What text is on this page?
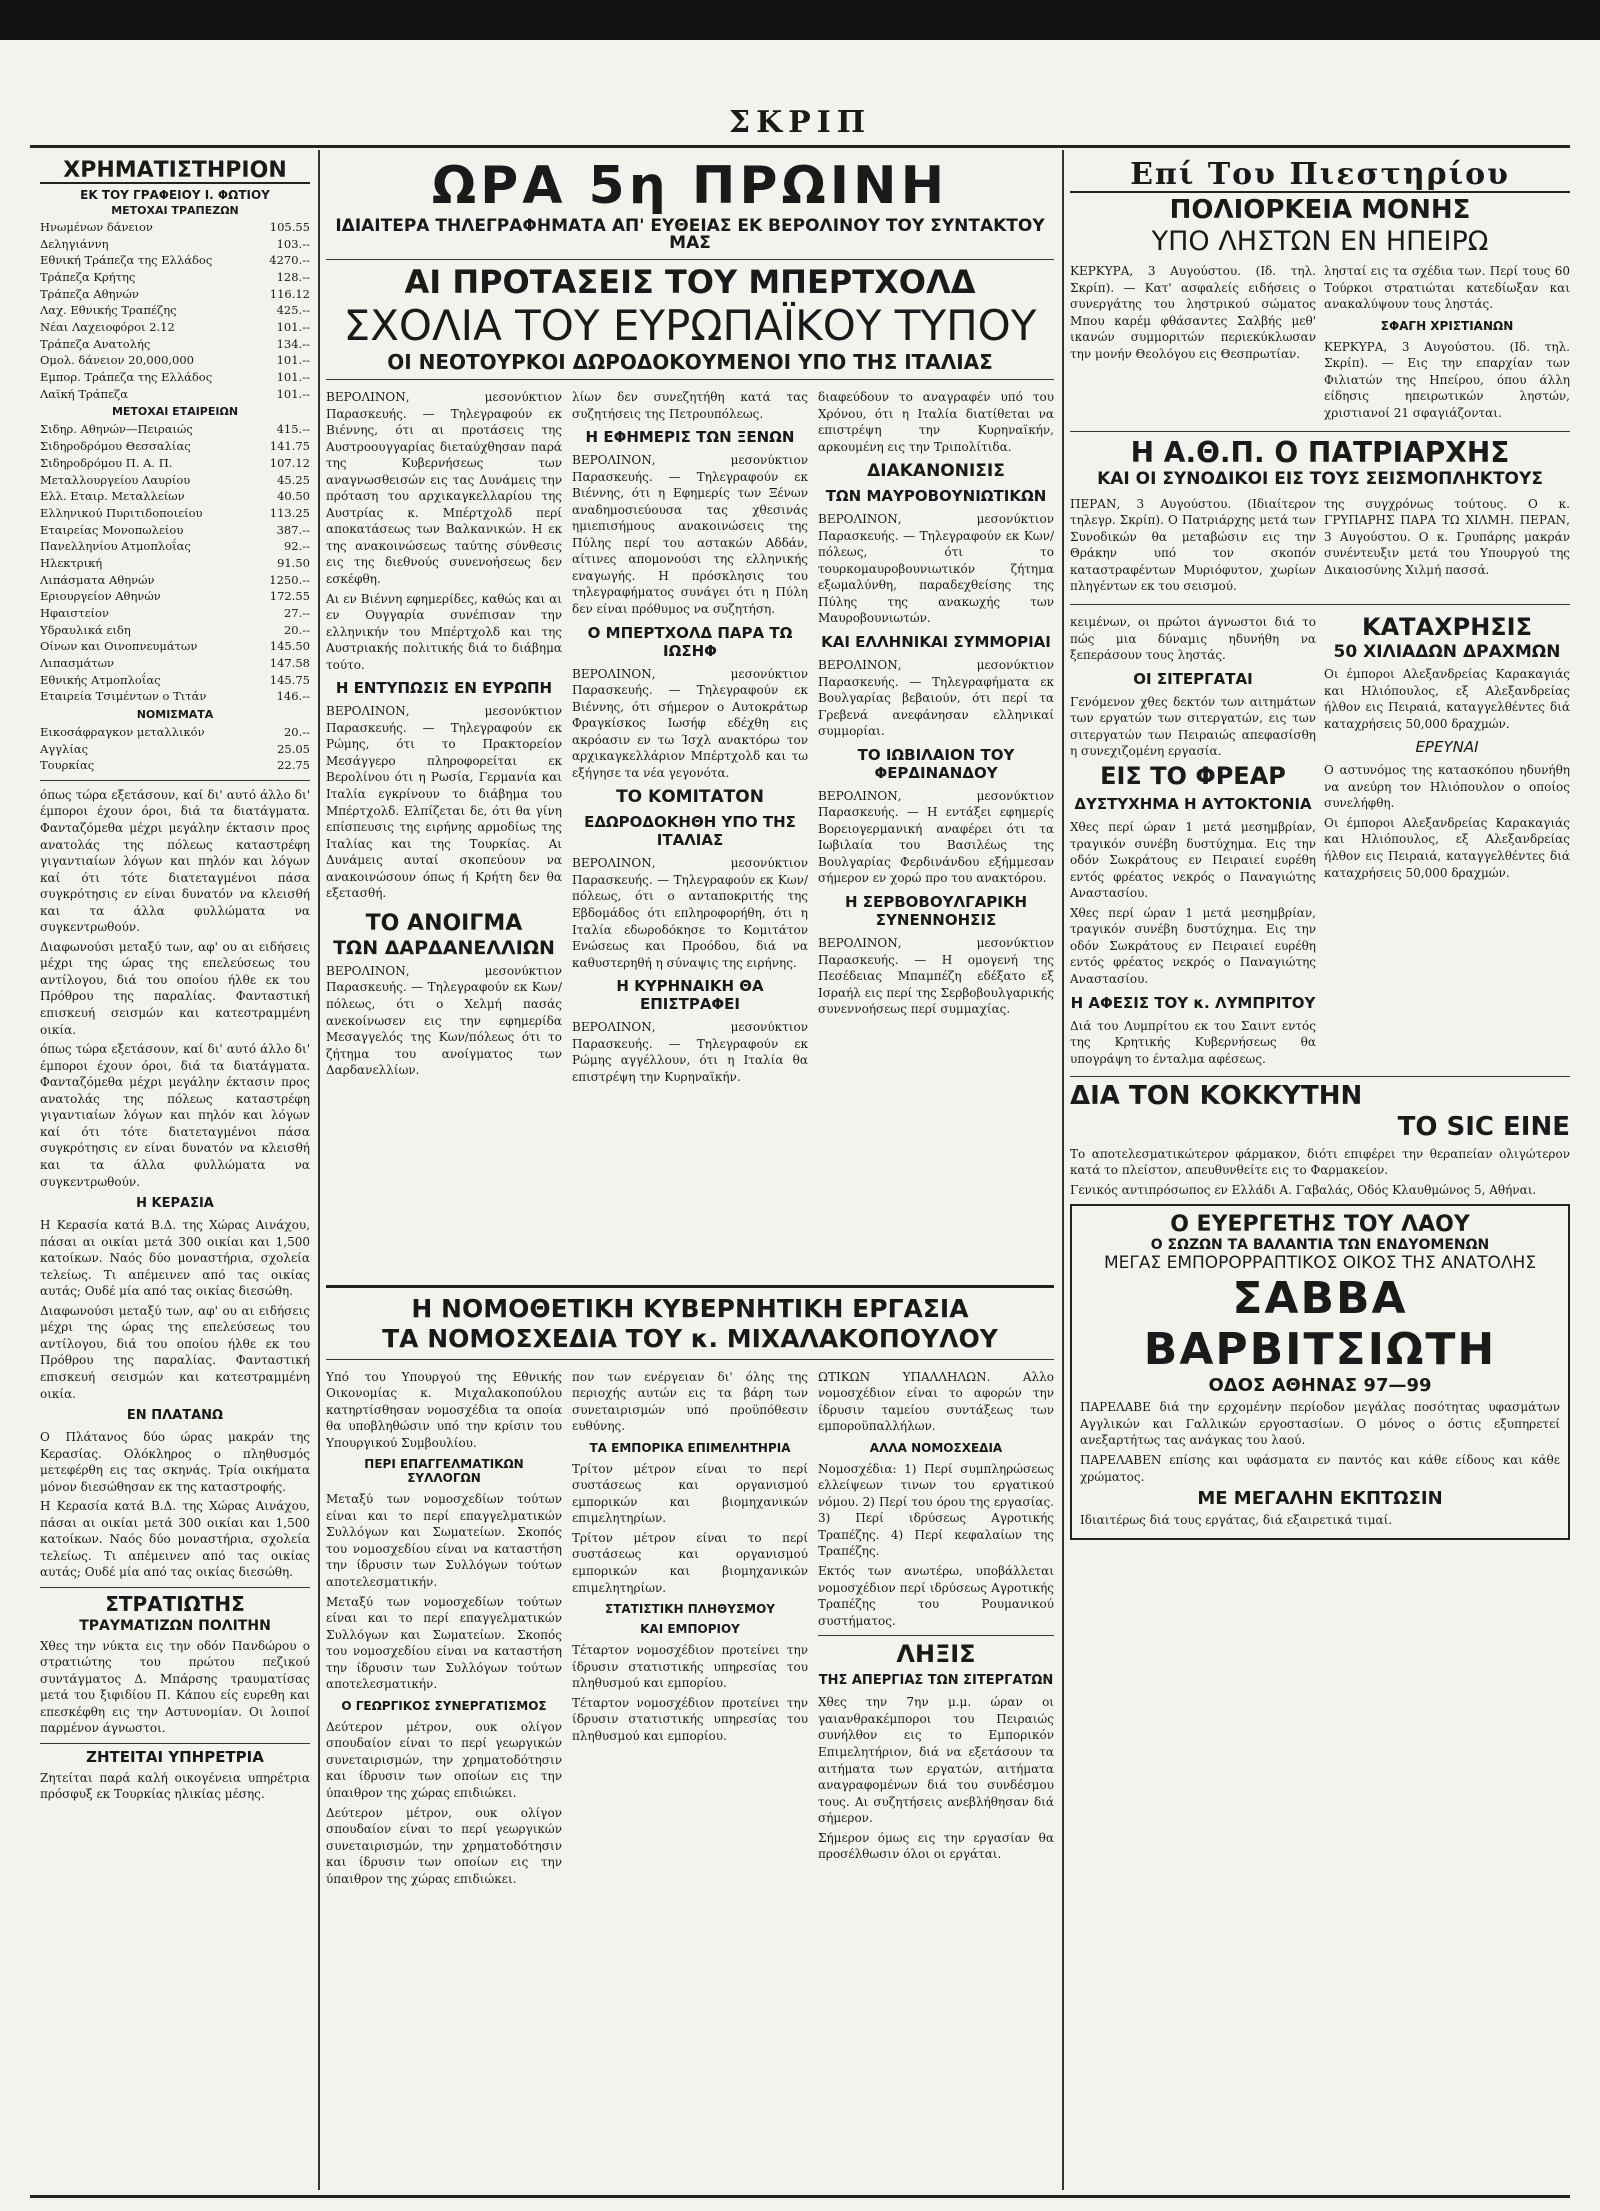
ΣΚΡΙΠ
ΧΡΗΜΑΤΙΣΤΗΡΙΟΝ
ΕΚ ΤΟΥ ΓΡΑΦΕΙΟΥ Ι. ΦΩΤΙΟΥ
ΜΕΤΟΧΑΙ ΤΡΑΠΕΖΩΝ
Ηνωμένων δάνειον	105.55
Δεληγιάννη	103.--
Εθνική Τράπεζα της Ελλάδος	4270.--
Τράπεζα Κρήτης	128.--
Τράπεζα Αθηνών	116.12
Λαχ. Εθνικής Τραπέζης	425.--
Νέαι Λαχειοφόροι 2.12	101.--
Τράπεζα Ανατολής	134.--
Ομολ. δάνειον 20,000,000	101.--
Εμπορ. Τράπεζα της Ελλάδος	101.--
Λαϊκή Τράπεζα	101.--
ΜΕΤΟΧΑΙ ΕΤΑΙΡΕΙΩΝ
Σιδηρ. Αθηνών—Πειραιώς	415.--
Σιδηροδρόμου Θεσσαλίας	141.75
Σιδηροδρόμου Π. Α. Π.	107.12
Μεταλλουργείου Λαυρίου	45.25
Ελλ. Εταιρ. Μεταλλείων	40.50
Ελληνικού Πυριτιδοποιείου	113.25
Εταιρείας Μονοπωλείου	387.--
Πανελληνίου Ατμοπλοΐας	92.--
Ηλεκτρική	91.50
Λιπάσματα Αθηνών	1250.--
Εριουργείον Αθηνών	172.55
Ηφαιστείον	27.--
Υδραυλικά ειδη	20.--
Οίνων και Οινοπνευμάτων	145.50
Λιπασμάτων	147.58
Εθνικής Ατμοπλοΐας	145.75
Εταιρεία Τσιμέντων ο Τιτάν	146.--
ΝΟΜΙΣΜΑΤΑ
Εικοσάφραγκον μεταλλικόν	20.--
Αγγλίας	25.05
Τουρκίας	22.75

όπως τώρα εξετάσουν, καί δι' αυτό άλλο δι' έμποροι έχουν όροι, διά τα διατάγματα. Φανταζόμεθα μέχρι μεγάλην έκτασιν προς ανατολάς της πόλεως καταστρέφη γιγαντιαίων λόγων και πηλόν και λόγων καί ότι τότε διατεταγμένοι πάσα συγκρότησις εν είναι δυνατόν να κλεισθή και τα άλλα φυλλώματα να συγκεντρωθούν.

Διαφωνούσι μεταξύ των, αφ' ου αι ειδήσεις μέχρι της ώρας της επελεύσεως του αντίλογου, διά του οποίου ήλθε εκ του Πρόθρου της παραλίας. Φανταστική επισκευή σεισμών και κατεστραμμένη οικία.

όπως τώρα εξετάσουν, καί δι' αυτό άλλο δι' έμποροι έχουν όροι, διά τα διατάγματα. Φανταζόμεθα μέχρι μεγάλην έκτασιν προς ανατολάς της πόλεως καταστρέφη γιγαντιαίων λόγων και πηλόν και λόγων καί ότι τότε διατεταγμένοι πάσα συγκρότησις εν είναι δυνατόν να κλεισθή και τα άλλα φυλλώματα να συγκεντρωθούν.

Η ΚΕΡΑΣΙΑ

Η Κερασία κατά Β.Δ. της Χώρας Αινάχου, πάσαι αι οικίαι μετά 300 οικίαι και 1,500 κατοίκων. Ναός δύο μοναστήρια, σχολεία τελείως. Τι απέμεινεν από τας οικίας αυτάς; Ουδέ μία από τας οικίας διεσώθη.

Διαφωνούσι μεταξύ των, αφ' ου αι ειδήσεις μέχρι της ώρας της επελεύσεως του αντίλογου, διά του οποίου ήλθε εκ του Πρόθρου της παραλίας. Φανταστική επισκευή σεισμών και κατεστραμμένη οικία.

ΕΝ ΠΛΑΤΑΝΩ

Ο Πλάτανος δύο ώρας μακράν της Κερασίας. Ολόκληρος ο πληθυσμός μετεφέρθη εις τας σκηνάς. Τρία οικήματα μόνον διεσώθησαν εκ της καταστροφής.

Η Κερασία κατά Β.Δ. της Χώρας Αινάχου, πάσαι αι οικίαι μετά 300 οικίαι και 1,500 κατοίκων. Ναός δύο μοναστήρια, σχολεία τελείως. Τι απέμεινεν από τας οικίας αυτάς; Ουδέ μία από τας οικίας διεσώθη.

ΣΤΡΑΤΙΩΤΗΣ
ΤΡΑΥΜΑΤΙΖΩΝ ΠΟΛΙΤΗΝ

Χθες την νύκτα εις την οδόν Πανδώρου ο στρατιώτης του πρώτου πεζικού συντάγματος Δ. Μπάρσης τραυματίσας μετά του ξιφιδίου Π. Κάπου είς ευρεθη και επεσκέφθη εις την Αστυνομίαν. Οι λοιποί παρμένον άγνωστοι.

ΖΗΤΕΙΤΑΙ ΥΠΗΡΕΤΡΙΑ

Ζητείται παρά καλή οικογένεια υπηρέτρια πρόσφυξ εκ Τουρκίας ηλικίας μέσης.

ΩΡΑ 5η ΠΡΩΙΝΗ
ΙΔΙΑΙΤΕΡΑ ΤΗΛΕΓΡΑΦΗΜΑΤΑ ΑΠ' ΕΥΘΕΙΑΣ ΕΚ ΒΕΡΟΛΙΝΟΥ ΤΟΥ ΣΥΝΤΑΚΤΟΥ ΜΑΣ
ΑΙ ΠΡΟΤΑΣΕΙΣ ΤΟΥ ΜΠΕΡΤΧΟΛΔ
ΣΧΟΛΙΑ ΤΟΥ ΕΥΡΩΠΑΪΚΟΥ ΤΥΠΟΥ
ΟΙ ΝΕΟΤΟΥΡΚΟΙ ΔΩΡΟΔΟΚΟΥΜΕΝΟΙ ΥΠΟ ΤΗΣ ΙΤΑΛΙΑΣ

ΒΕΡΟΛΙΝΟΝ, μεσονύκτιον Παρασκευής. — Τηλεγραφούν εκ Βιέννης, ότι αι προτάσεις της Αυστροουγγαρίας διεταύχθησαν παρά της Κυβερνήσεως των αναγνωσθεισών εις τας Δυνάμεις την πρόταση του αρχικαγκελλαρίου της Αυστρίας κ. Μπέρτχολδ περί αποκατάσεως των Βαλκανικών. Η εκ της ανακοινώσεως ταύτης σύνθεσις εις της διεθνούς συνενοήσεως δεν εσκέφθη.

Αι εν Βιέννη εφημερίδες, καθώς και αι εν Ουγγαρία συνέπισαν την ελληνικήν του Μπέρτχολδ και της Αυστριακής πολιτικής διά το διάβημα τούτο.

Η ΕΝΤΥΠΩΣΙΣ ΕΝ ΕΥΡΩΠΗ

ΒΕΡΟΛΙΝΟΝ, μεσονύκτιον Παρασκευής. — Τηλεγραφούν εκ Ρώμης, ότι το Πρακτορείον Μεσάγγερο πληροφορείται εκ Βερολίνου ότι η Ρωσία, Γερμανία και Ιταλία εγκρίνουν το διάβημα του Μπέρτχολδ. Ελπίζεται δε, ότι θα γίνη επίσπευσις της ειρήνης αρμοδίως της Ιταλίας και της Τουρκίας. Αι Δυνάμεις αυταί σκοπεύουν να ανακοινώσουν όπως ή Κρήτη δεν θα εξετασθή.

ΤΟ ΑΝΟΙΓΜΑ
ΤΩΝ ΔΑΡΔΑΝΕΛΛΙΩΝ

ΒΕΡΟΛΙΝΟΝ, μεσονύκτιον Παρασκευής. — Τηλεγραφούν εκ Κων/πόλεως, ότι ο Χελμή πασάς ανεκοίνωσεν εις την εφημερίδα Μεσαγγελός της Κων/πόλεως ότι το ζήτημα του ανοίγματος των Δαρδανελλίων.

λίων δεν συνεζητήθη κατά τας συζητήσεις της Πετρουπόλεως.

Η ΕΦΗΜΕΡΙΣ ΤΩΝ ΞΕΝΩΝ

ΒΕΡΟΛΙΝΟΝ, μεσονύκτιον Παρασκευής. — Τηλεγραφούν εκ Βιέννης, ότι η Εφημερίς των Ξένων αναδημοσιεύουσα τας χθεσινάς ημιεπισήμους ανακοινώσεις της Πύλης περί του αστακών Αδδάν, αίτινες απομονούσι της ελληνικής εναγωγής. Η πρόσκλησις του τηλεγραφήματος συνάγει ότι η Πύλη δεν είναι πρόθυμος να συζητήση.

Ο ΜΠΕΡΤΧΟΛΔ ΠΑΡΑ ΤΩ ΙΩΣΗΦ

ΒΕΡΟΛΙΝΟΝ, μεσονύκτιον Παρασκευής. — Τηλεγραφούν εκ Βιέννης, ότι σήμερον ο Αυτοκράτωρ Φραγκίσκος Ιωσήφ εδέχθη εις ακρόασιν εν τω Ίσχλ ανακτόρω τον αρχικαγκελλάριον Μπέρτχολδ και τω εξήγησε τα νέα γεγονότα.

ΤΟ ΚΟΜΙΤΑΤΟΝ
ΕΔΩΡΟΔΟΚΗΘΗ ΥΠΟ ΤΗΣ ΙΤΑΛΙΑΣ

ΒΕΡΟΛΙΝΟΝ, μεσονύκτιον Παρασκευής. — Τηλεγραφούν εκ Κων/πόλεως, ότι ο ανταποκριτής της Εβδομάδος ότι επληροφορήθη, ότι η Ιταλία εδωροδόκησε το Κομιτάτον Ενώσεως και Προόδου, διά να καθυστερηθή η σύναψις της ειρήνης.

Η ΚΥΡΗΝΑΙΚΗ ΘΑ ΕΠΙΣΤΡΑΦΕΙ

ΒΕΡΟΛΙΝΟΝ, μεσονύκτιον Παρασκευής. — Τηλεγραφούν εκ Ρώμης αγγέλλουν, ότι η Ιταλία θα επιστρέψη την Κυρηναϊκήν.

διαφεύδουν το αναγραφέν υπό του Χρόνου, ότι η Ιταλία διατίθεται να επιστρέψη την Κυρηναϊκήν, αρκουμένη εις την Τριπολίτιδα.

ΔΙΑΚΑΝΟΝΙΣΙΣ
ΤΩΝ ΜΑΥΡΟΒΟΥΝΙΩΤΙΚΩΝ

ΒΕΡΟΛΙΝΟΝ, μεσονύκτιον Παρασκευής. — Τηλεγραφούν εκ Κων/πόλεως, ότι το τουρκομαυροβουνιωτικόν ζήτημα εξωμαλύνθη, παραδεχθείσης της Πύλης της ανακωχής των Μαυροβουνιωτών.

ΚΑΙ ΕΛΛΗΝΙΚΑΙ ΣΥΜΜΟΡΙΑΙ

ΒΕΡΟΛΙΝΟΝ, μεσονύκτιον Παρασκευής. — Τηλεγραφήματα εκ Βουλγαρίας βεβαιούν, ότι περί τα Γρεβενά ανεφάνησαν ελληνικαί συμμορίαι.

ΤΟ ΙΩΒΙΛΑΙΟΝ ΤΟΥ ΦΕΡΔΙΝΑΝΔΟΥ

ΒΕΡΟΛΙΝΟΝ, μεσονύκτιον Παρασκευής. — Η εντάξει εφημερίς Βορειογερμανική αναφέρει ότι τα Ιωβιλαία του Βασιλέως της Βουλγαρίας Φερδινάνδου εξήμμεσαν σήμερον εν χορώ προ του ανακτόρου.

Η ΣΕΡΒΟΒΟΥΛΓΑΡΙΚΗ ΣΥΝΕΝΝΟΗΣΙΣ

ΒΕΡΟΛΙΝΟΝ, μεσονύκτιον Παρασκευής. — Η ομογενή της Πεσέδειας Μπαμπέζη εδέξατο εξ Ισραήλ εις περί της Σερβοβουλγαρικής συνεννοήσεως περί συμμαχίας.

Η ΝΟΜΟΘΕΤΙΚΗ ΚΥΒΕΡΝΗΤΙΚΗ ΕΡΓΑΣΙΑ
ΤΑ ΝΟΜΟΣΧΕΔΙΑ ΤΟΥ κ. ΜΙΧΑΛΑΚΟΠΟΥΛΟΥ

Υπό του Υπουργού της Εθνικής Οικονομίας κ. Μιχαλακοπούλου κατηρτίσθησαν νομοσχέδια τα οποία θα υποβληθώσιν υπό την κρίσιν του Υπουργικού Συμβουλίου.

ΠΕΡΙ ΕΠΑΓΓΕΛΜΑΤΙΚΩΝ ΣΥΛΛΟΓΩΝ

Μεταξύ των νομοσχεδίων τούτων είναι και το περί επαγγελματικών Συλλόγων και Σωματείων. Σκοπός του νομοσχεδίου είναι να καταστήση την ίδρυσιν των Συλλόγων τούτων αποτελεσματικήν.

Μεταξύ των νομοσχεδίων τούτων είναι και το περί επαγγελματικών Συλλόγων και Σωματείων. Σκοπός του νομοσχεδίου είναι να καταστήση την ίδρυσιν των Συλλόγων τούτων αποτελεσματικήν.

Ο ΓΕΩΡΓΙΚΟΣ ΣΥΝΕΡΓΑΤΙΣΜΟΣ

Δεύτερον μέτρον, ουκ ολίγον σπουδαίον είναι το περί γεωργικών συνεταιρισμών, την χρηματοδότησιν και ίδρυσιν των οποίων εις την ύπαιθρον της χώρας επιδιώκει.

Δεύτερον μέτρον, ουκ ολίγον σπουδαίον είναι το περί γεωργικών συνεταιρισμών, την χρηματοδότησιν και ίδρυσιν των οποίων εις την ύπαιθρον της χώρας επιδιώκει.

πον των ενέργειαν δι' όλης της περιοχής αυτών εις τα βάρη των συνεταιρισμών υπό προϋπόθεσιν ευθύνης.

ΤΑ ΕΜΠΟΡΙΚΑ ΕΠΙΜΕΛΗΤΗΡΙΑ

Τρίτον μέτρον είναι το περί συστάσεως και οργανισμού εμπορικών και βιομηχανικών επιμελητηρίων.

Τρίτον μέτρον είναι το περί συστάσεως και οργανισμού εμπορικών και βιομηχανικών επιμελητηρίων.

ΣΤΑΤΙΣΤΙΚΗ ΠΛΗΘΥΣΜΟΥ
ΚΑΙ ΕΜΠΟΡΙΟΥ

Τέταρτον νομοσχέδιον προτείνει την ίδρυσιν στατιστικής υπηρεσίας του πληθυσμού και εμπορίου.

Τέταρτον νομοσχέδιον προτείνει την ίδρυσιν στατιστικής υπηρεσίας του πληθυσμού και εμπορίου.

ΩΤΙΚΩΝ ΥΠΑΛΛΗΛΩΝ. Αλλο νομοσχέδιον είναι το αφορών την ίδρυσιν ταμείου συντάξεως των εμποροϋπαλλήλων.

ΑΛΛΑ ΝΟΜΟΣΧΕΔΙΑ

Νομοσχέδια: 1) Περί συμπληρώσεως ελλείψεων τινων του εργατικού νόμου. 2) Περί του όρου της εργασίας. 3) Περί ιδρύσεως Αγροτικής Τραπέζης. 4) Περί κεφαλαίων της Τραπέζης.

Εκτός των ανωτέρω, υποβάλλεται νομοσχέδιον περί ιδρύσεως Αγροτικής Τραπέζης του Ρουμανικού συστήματος.

ΛΗΞΙΣ
ΤΗΣ ΑΠΕΡΓΙΑΣ ΤΩΝ ΣΙΤΕΡΓΑΤΩΝ

Χθες την 7ην μ.μ. ώραν οι γαιανθρακέμποροι του Πειραιώς συνήλθον εις το Εμπορικόν Επιμελητήριον, διά να εξετάσουν τα αιτήματα των εργατών, αιτήματα αναγραφομένων διά του συνδέσμου τους. Αι συζητήσεις ανεβλήθησαν διά σήμερον.

Σήμερον όμως εις την εργασίαν θα προσέλθωσιν όλοι οι εργάται.

Επί Του Πιεστηρίου
ΠΟΛΙΟΡΚΕΙΑ ΜΟΝΗΣ
ΥΠΟ ΛΗΣΤΩΝ ΕΝ ΗΠΕΙΡΩ

ΚΕΡΚΥΡΑ, 3 Αυγούστου. (Ιδ. τηλ. Σκρίπ). — Κατ' ασφαλείς ειδήσεις ο συνεργάτης του ληστρικού σώματος Μπου καρέμ φθάσαντες Σαλβής μεθ' ικανών συμμοριτών περιεκύκλωσαν την μονήν Θεολόγου εις Θεσπρωτίαν.

λησταί εις τα σχέδια των. Περί τους 60 Τούρκοι στρατιώται κατεδίωξαν και ανακαλύψουν τους ληστάς.

ΣΦΑΓΗ ΧΡΙΣΤΙΑΝΩΝ

ΚΕΡΚΥΡΑ, 3 Αυγούστου. (Ιδ. τηλ. Σκρίπ). — Εις την επαρχίαν των Φιλιατών της Ηπείρου, όπου άλλη είδησις ηπειρωτικών ληστών, χριστιανοί 21 σφαγιάζονται.

Η Α.Θ.Π. Ο ΠΑΤΡΙΑΡΧΗΣ
ΚΑΙ ΟΙ ΣΥΝΟΔΙΚΟΙ ΕΙΣ ΤΟΥΣ ΣΕΙΣΜΟΠΛΗΚΤΟΥΣ

ΠΕΡΑΝ, 3 Αυγούστου. (Ιδιαίτερον τηλεγρ. Σκρίπ). Ο Πατριάρχης μετά των Συνοδικών θα μεταβώσιν εις την Θράκην υπό τον σκοπόν καταστραφέντων Μυριόφυτον, χωρίων πληγέντων εκ του σεισμού.

της συγχρόνως τούτους. Ο κ. ΓΡΥΠΑΡΗΣ ΠΑΡΑ ΤΩ ΧΙΛΜΗ. ΠΕΡΑΝ, 3 Αυγούστου. Ο κ. Γρυπάρης μακράν συνέντευξιν μετά του Υπουργού της Δικαιοσύνης Χιλμή πασσά.

κειμένων, οι πρώτοι άγνωστοι διά το πώς μια δύναμις ηδυνήθη να ξεπεράσουν τους ληστάς.

ΟΙ ΣΙΤΕΡΓΑΤΑΙ

Γενόμενον χθες δεκτόν των αιτημάτων των εργατών των σιτεργατών, εις των σιτεργατών των Πειραιώς απεφασίσθη η συνεχιζομένη εργασία.

ΕΙΣ ΤΟ ΦΡΕΑΡ
ΔΥΣΤΥΧΗΜΑ Η ΑΥΤΟΚΤΟΝΙΑ

Χθες περί ώραν 1 μετά μεσημβρίαν, τραγικόν συνέβη δυστύχημα. Εις την οδόν Σωκράτους εν Πειραιεί ευρέθη εντός φρέατος νεκρός ο Παναγιώτης Αναστασίου.

Χθες περί ώραν 1 μετά μεσημβρίαν, τραγικόν συνέβη δυστύχημα. Εις την οδόν Σωκράτους εν Πειραιεί ευρέθη εντός φρέατος νεκρός ο Παναγιώτης Αναστασίου.

Η ΑΦΕΣΙΣ ΤΟΥ κ. ΛΥΜΠΡΙΤΟΥ

Διά του Λυμπρίτου εκ του Σαιντ εντός της Κρητικής Κυβερνήσεως θα υπογράψη το ένταλμα αφέσεως.

ΚΑΤΑΧΡΗΣΙΣ
50 ΧΙΛΙΑΔΩΝ ΔΡΑΧΜΩΝ

Οι έμποροι Αλεξανδρείας Καρακαγιάς και Ηλιόπουλος, εξ Αλεξανδρείας ήλθον εις Πειραιά, καταγγελθέντες διά καταχρήσεις 50,000 δραχμών.

ΕΡΕΥΝΑΙ

Ο αστυνόμος της κατασκόπου ηδυνήθη να ανεύρη τον Ηλιόπουλον ο οποίος συνελήφθη.

Οι έμποροι Αλεξανδρείας Καρακαγιάς και Ηλιόπουλος, εξ Αλεξανδρείας ήλθον εις Πειραιά, καταγγελθέντες διά καταχρήσεις 50,000 δραχμών.

ΔΙΑ ΤΟΝ ΚΟΚΚΥΤΗΝ
ΤΟ SIC ΕΙΝΕ

Το αποτελεσματικώτερον φάρμακον, διότι επιφέρει την θεραπείαν ολιγώτερον κατά το πλείστον, απευθυνθείτε εις το Φαρμακείον.

Γενικός αντιπρόσωπος εν Ελλάδι Α. Γαβαλάς, Οδός Κλαυθμώνος 5, Αθήναι.

Ο ΕΥΕΡΓΕΤΗΣ ΤΟΥ ΛΑΟΥ
Ο ΣΩΖΩΝ ΤΑ ΒΑΛΑΝΤΙΑ ΤΩΝ ΕΝΔΥΟΜΕΝΩΝ
ΜΕΓΑΣ ΕΜΠΟΡΟΡΡΑΠΤΙΚΟΣ ΟΙΚΟΣ ΤΗΣ ΑΝΑΤΟΛΗΣ
ΣΑΒΒΑ ΒΑΡΒΙΤΣΙΩΤΗ
ΟΔΟΣ ΑΘΗΝΑΣ 97—99

ΠΑΡΕΛΑΒΕ διά την ερχομένην περίοδον μεγάλας ποσότητας υφασμάτων Αγγλικών και Γαλλικών εργοστασίων. Ο μόνος ο όστις εξυπηρετεί ανεξαρτήτως τας ανάγκας του λαού.

ΠΑΡΕΛΑΒΕΝ επίσης και υφάσματα εν παντός και κάθε είδους και κάθε χρώματος.

ΜΕ ΜΕΓΑΛΗΝ ΕΚΠΤΩΣΙΝ

Ιδιαιτέρως διά τους εργάτας, διά εξαιρετικά τιμαί.
